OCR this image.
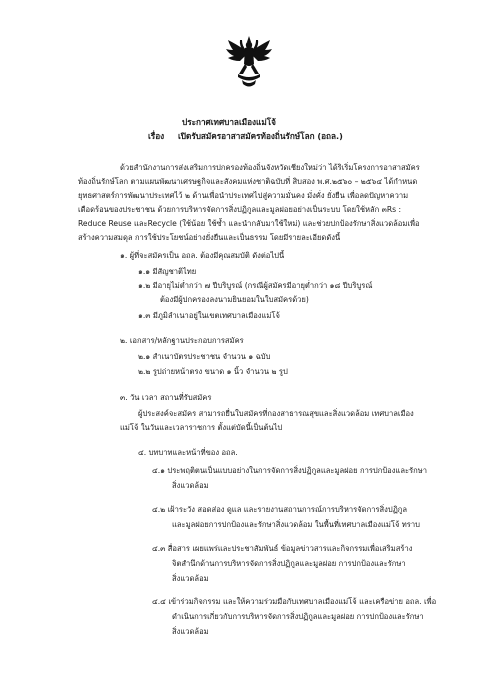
ประกาศเทศบาลเมืองแม่โจ้
เรื่อง เปิดรับสมัครอาสาสมัครท้องถิ่นรักษ์โลก (อถล.)
ด้วยสำนักงานการส่งเสริมการปกครองท้องถิ่นจังหวัดเชียงใหม่ว่า ได้ริเริ่มโครงการอาสาสมัคร
ท้องถิ่นรักษ์โลก ตามแผนพัฒนาเศรษฐกิจและสังคมแห่งชาติฉบับที่ สิบสอง พ.ศ.๒๕๖๐ – ๒๕๖๔ ได้กำหนด
ยุทธศาสตร์การพัฒนาประเทศไว้ ๒ ด้านเพื่อนำประเทศไปสู่ความมั่นคง มั่งคั่ง ยั่งยืน เพื่อลดปัญหาความ
เดือดร้อนของประชาชน ด้วยการบริหารจัดการสิ่งปฏิกูลและมูลฝอยอย่างเป็นระบบ โดยใช้หลัก ๓Rs :
Reduce Reuse และRecycle (ใช้น้อย ใช้ซ้ำ และนำกลับมาใช้ใหม่) และช่วยปกป้องรักษาสิ่งแวดล้อมเพื่อ
สร้างความสมดุล การใช้ประโยชน์อย่างยั่งยืนและเป็นธรรม โดยมีรายละเอียดดังนี้
๑. ผู้ที่จะสมัครเป็น อถล. ต้องมีคุณสมบัติ ดังต่อไปนี้
๑.๑ มีสัญชาติไทย
๑.๒ มีอายุไม่ต่ำกว่า ๗ ปีบริบูรณ์ (กรณีผู้สมัครมีอายุต่ำกว่า ๑๘ ปีบริบูรณ์
ต้องมีผู้ปกครองลงนามยินยอมในใบสมัครด้วย)
๑.๓ มีภูมิลำเนาอยู่ในเขตเทศบาลเมืองแม่โจ้
๒. เอกสาร/หลักฐานประกอบการสมัคร
๒.๑ สำเนาบัตรประชาชน จำนวน ๑ ฉบับ
๒.๒ รูปถ่ายหน้าตรง ขนาด ๑ นิ้ว จำนวน ๒ รูป
๓. วัน เวลา สถานที่รับสมัคร
ผู้ประสงค์จะสมัคร สามารถยื่นใบสมัครที่กองสาธารณสุขและสิ่งแวดล้อม เทศบาลเมือง
แม่โจ้ ในวันและเวลาราชการ ตั้งแต่บัดนี้เป็นต้นไป
๔. บทบาทและหน้าที่ของ อถล.
๔.๑ ประพฤติตนเป็นแบบอย่างในการจัดการสิ่งปฏิกูลและมูลฝอย การปกป้องและรักษา
สิ่งแวดล้อม
๔.๒ เฝ้าระวัง สอดส่อง ดูแล และรายงานสถานการณ์การบริหารจัดการสิ่งปฏิกูล
และมูลฝอยการปกป้องและรักษาสิ่งแวดล้อม ในพื้นที่เทศบาลเมืองแม่โจ้ ทราบ
๔.๓ สื่อสาร เผยแพร่และประชาสัมพันธ์ ข้อมูลข่าวสารและกิจกรรมเพื่อเสริมสร้าง
จิตสำนึกด้านการบริหารจัดการสิ่งปฏิกูลและมูลฝอย การปกป้องและรักษา
สิ่งแวดล้อม
๔.๔ เข้าร่วมกิจกรรม และให้ความร่วมมือกับเทศบาลเมืองแม่โจ้ และเครือข่าย อถล. เพื่อ
ดำเนินการเกี่ยวกับการบริหารจัดการสิ่งปฏิกูลและมูลฝอย การปกป้องและรักษา
สิ่งแวดล้อม
